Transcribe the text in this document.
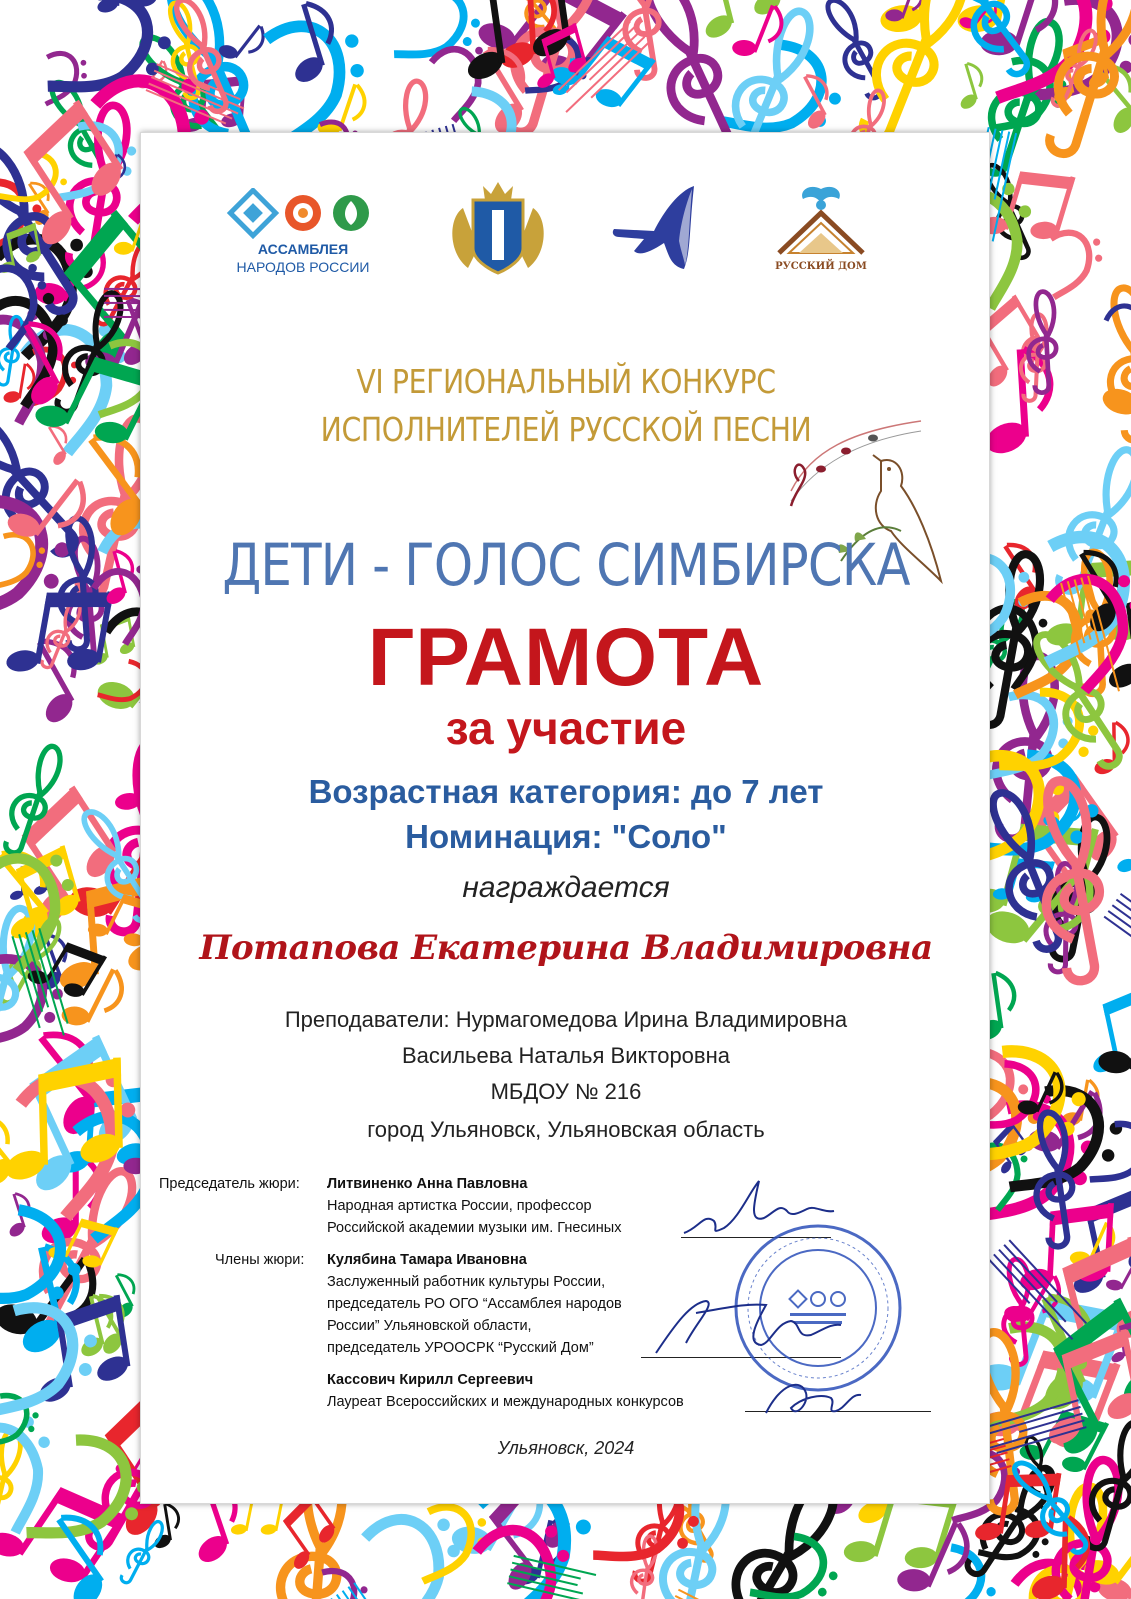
АССАМБЛЕЯ
НАРОДОВ РОССИИ	РУССКИЙ ДОМ
VI РЕГИОНАЛЬНЫЙ КОНКУРС
ИСПОЛНИТЕЛЕЙ РУССКОЙ ПЕСНИ
ДЕТИ - ГОЛОС СИМБИРСКА
ГРАМОТА
за участие
Возрастная категория: до 7 лет
Номинация: "Соло"
награждается
Потапова Екатерина Владимировна
Преподаватели: Нурмагомедова Ирина Владимировна
Васильева Наталья Викторовна
МБДОУ № 216
город Ульяновск, Ульяновская область
Председатель жюри: Литвиненко Анна Павловна
Народная артистка России, профессор
Российской академии музыки им. Гнесиных
Члены жюри: Кулябина Тамара Ивановна
Заслуженный работник культуры России,
председатель РО ОГО “Ассамблея народов
России” Ульяновской области,
председатель УРООСРК “Русский Дом”
Кассович Кирилл Сергеевич
Лауреат Всероссийских и международных конкурсов
Ульяновск, 2024
